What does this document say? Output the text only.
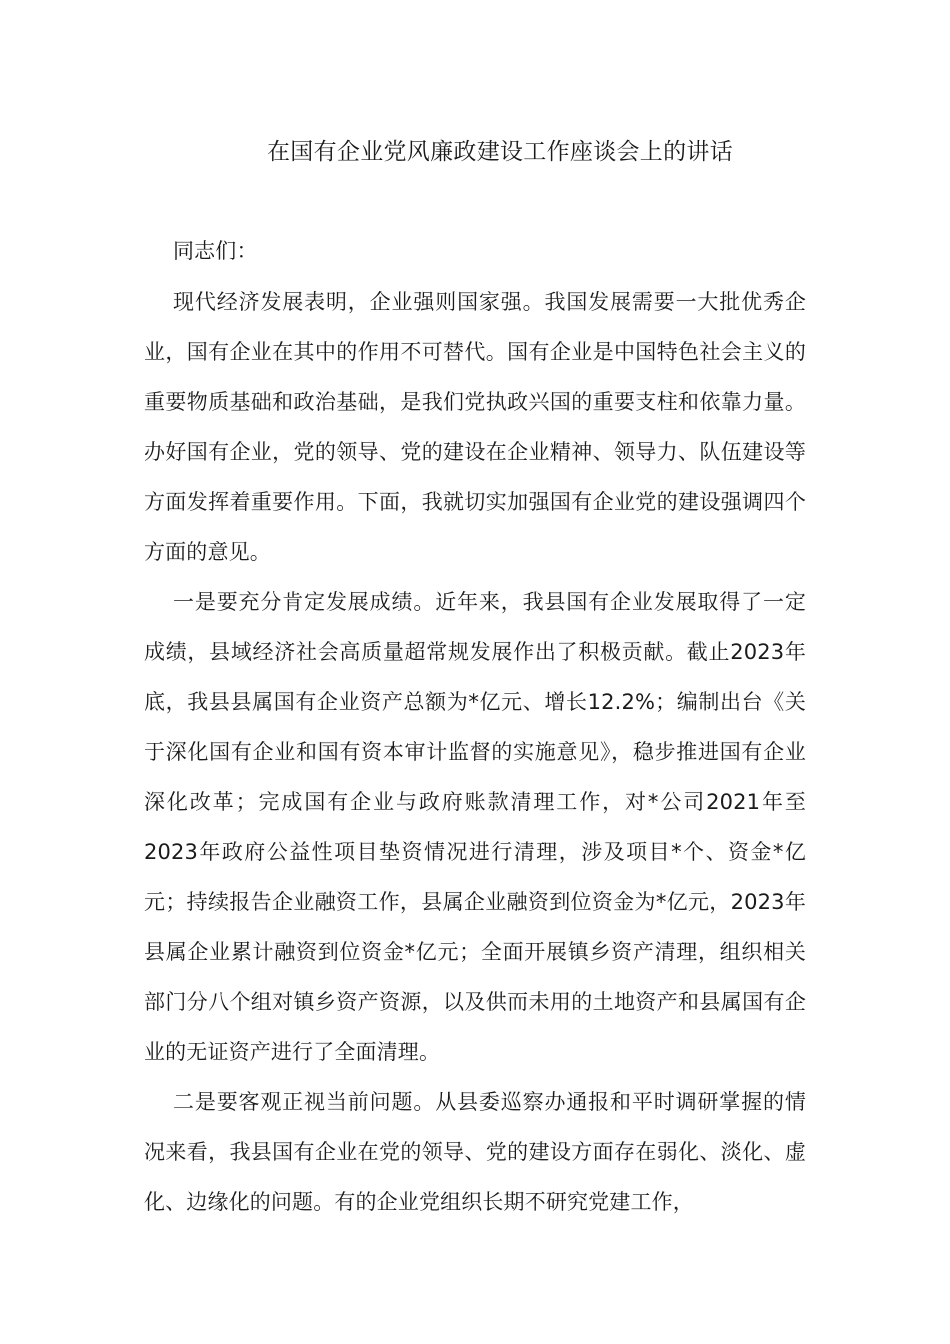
在国有企业党风廉政建设工作座谈会上的讲话

同志们：

现代经济发展表明，企业强则国家强。我国发展需要一大批优秀企业，国有企业在其中的作用不可替代。国有企业是中国特色社会主义的重要物质基础和政治基础，是我们党执政兴国的重要支柱和依靠力量。办好国有企业，党的领导、党的建设在企业精神、领导力、队伍建设等方面发挥着重要作用。下面，我就切实加强国有企业党的建设强调四个方面的意见。

一是要充分肯定发展成绩。近年来，我县国有企业发展取得了一定成绩，县域经济社会高质量超常规发展作出了积极贡献。截止2023年底，我县县属国有企业资产总额为*亿元、增长12.2%；编制出台《关于深化国有企业和国有资本审计监督的实施意见》，稳步推进国有企业深化改革；完成国有企业与政府账款清理工作，对*公司2021年至2023年政府公益性项目垫资情况进行清理，涉及项目*个、资金*亿元；持续报告企业融资工作，县属企业融资到位资金为*亿元，2023年县属企业累计融资到位资金*亿元；全面开展镇乡资产清理，组织相关部门分八个组对镇乡资产资源，以及供而未用的土地资产和县属国有企业的无证资产进行了全面清理。

二是要客观正视当前问题。从县委巡察办通报和平时调研掌握的情况来看，我县国有企业在党的领导、党的建设方面存在弱化、淡化、虚化、边缘化的问题。有的企业党组织长期不研究党建工作，
